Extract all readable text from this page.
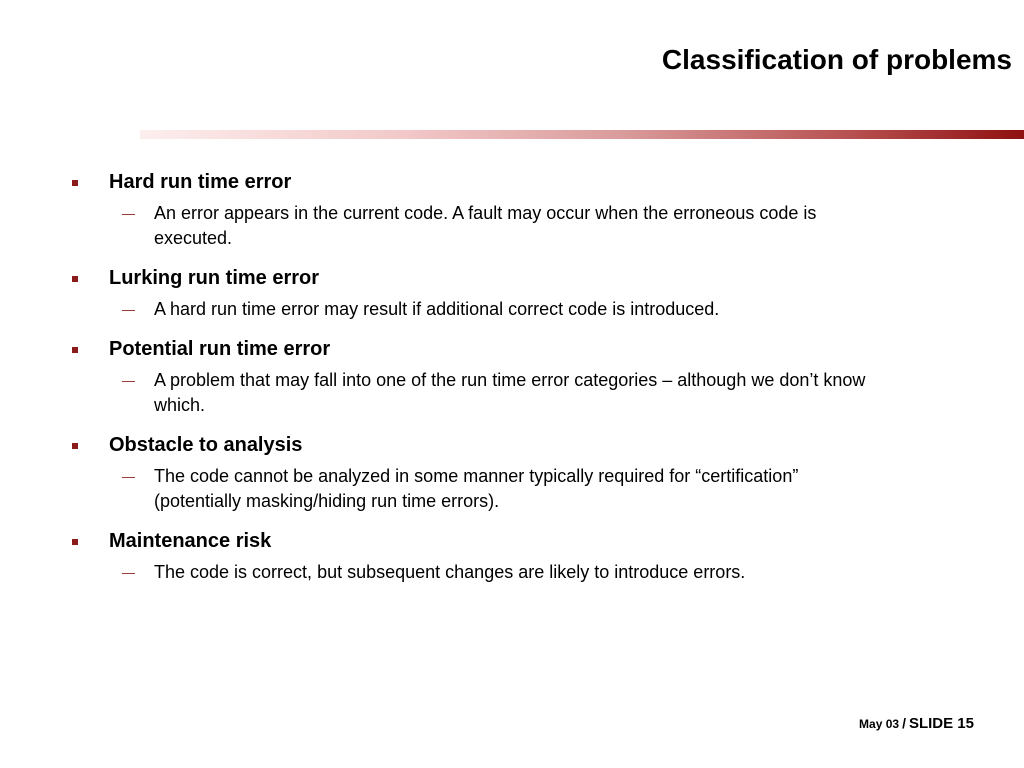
Classification of problems
Hard run time error
— An error appears in the current code. A fault may occur when the erroneous code is executed.
Lurking run time error
— A hard run time error may result if additional correct code is introduced.
Potential run time error
— A problem that may fall into one of the run time error categories – although we don’t know which.
Obstacle to analysis
— The code cannot be analyzed in some manner typically required for “certification” (potentially masking/hiding run time errors).
Maintenance risk
— The code is correct, but subsequent changes are likely to introduce errors.
May 03 / SLIDE 15
